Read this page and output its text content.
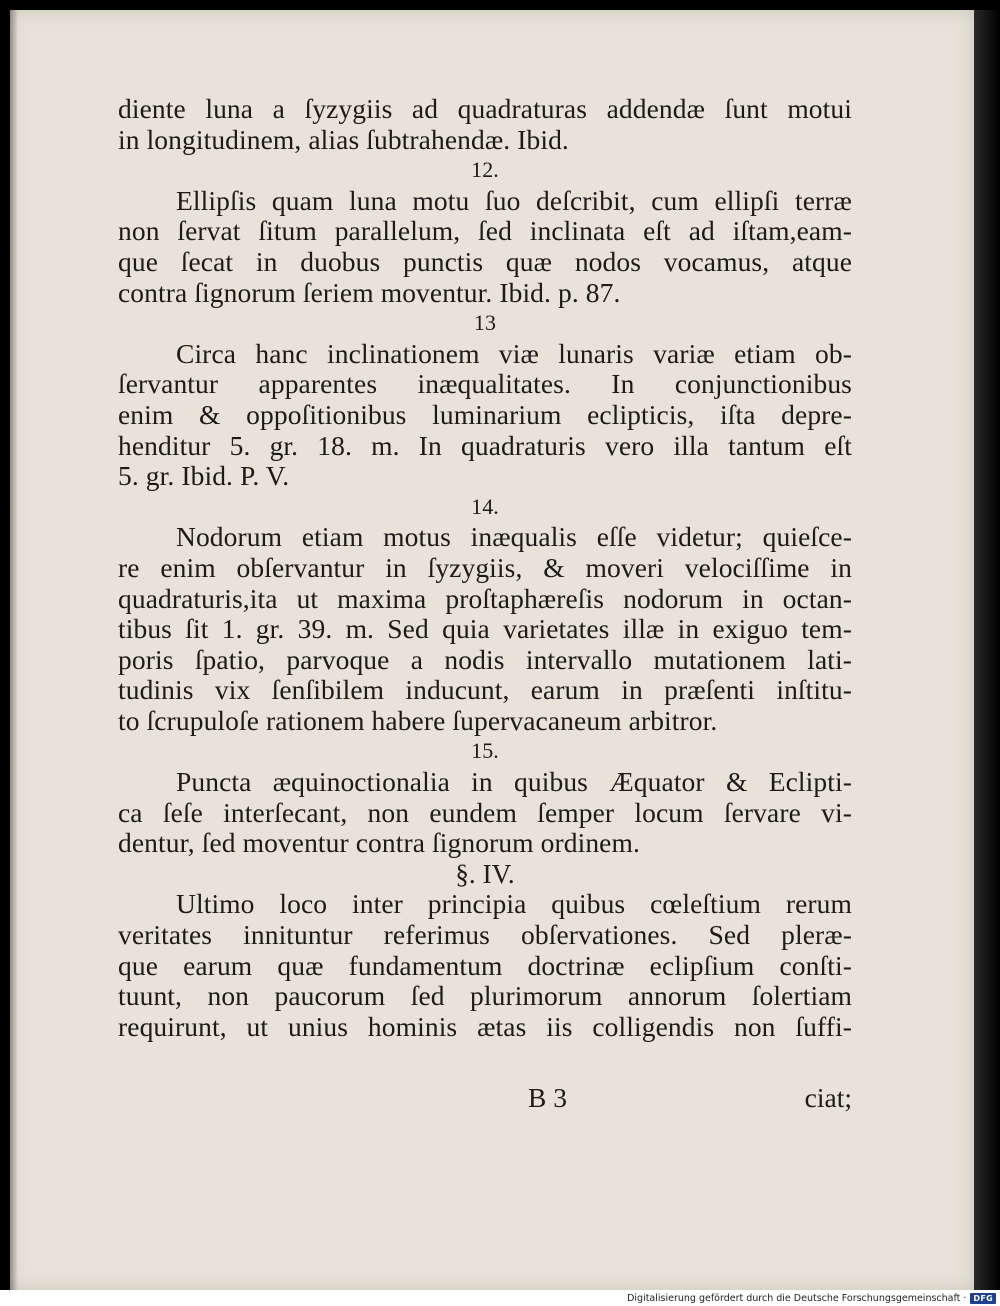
diente luna a ſyzygiis ad quadraturas addendæ ſunt motui
in longitudinem, alias ſubtrahendæ. Ibid.
12.
Ellipſis quam luna motu ſuo deſcribit, cum ellipſi terræ
non ſervat ſitum parallelum, ſed inclinata eſt ad iſtam,eam-
que ſecat in duobus punctis quæ nodos vocamus, atque
contra ſignorum ſeriem moventur. Ibid. p. 87.
13
Circa hanc inclinationem viæ lunaris variæ etiam ob-
ſervantur apparentes inæqualitates. In conjunctionibus
enim & oppoſitionibus luminarium eclipticis, iſta depre-
henditur 5. gr. 18. m. In quadraturis vero illa tantum eſt
5. gr. Ibid. P. V.
14.
Nodorum etiam motus inæqualis eſſe videtur; quieſce-
re enim obſervantur in ſyzygiis, & moveri velociſſime in
quadraturis,ita ut maxima proſtaphæreſis nodorum in octan-
tibus ſit 1. gr. 39. m. Sed quia varietates illæ in exiguo tem-
poris ſpatio, parvoque a nodis intervallo mutationem lati-
tudinis vix ſenſibilem inducunt, earum in præſenti inſtitu-
to ſcrupuloſe rationem habere ſupervacaneum arbitror.
15.
Puncta æquinoctionalia in quibus Æquator & Eclipti-
ca ſeſe interſecant, non eundem ſemper locum ſervare vi-
dentur, ſed moventur contra ſignorum ordinem.
§. IV.
Ultimo loco inter principia quibus cœleſtium rerum
veritates innituntur referimus obſervationes. Sed pleræ-
que earum quæ fundamentum doctrinæ eclipſium conſti-
tuunt, non paucorum ſed plurimorum annorum ſolertiam
requirunt, ut unius hominis ætas iis colligendis non ſuffi-
B 3	ciat;
Digitalisierung gefördert durch die Deutsche Forschungsgemeinschaft · DFG
